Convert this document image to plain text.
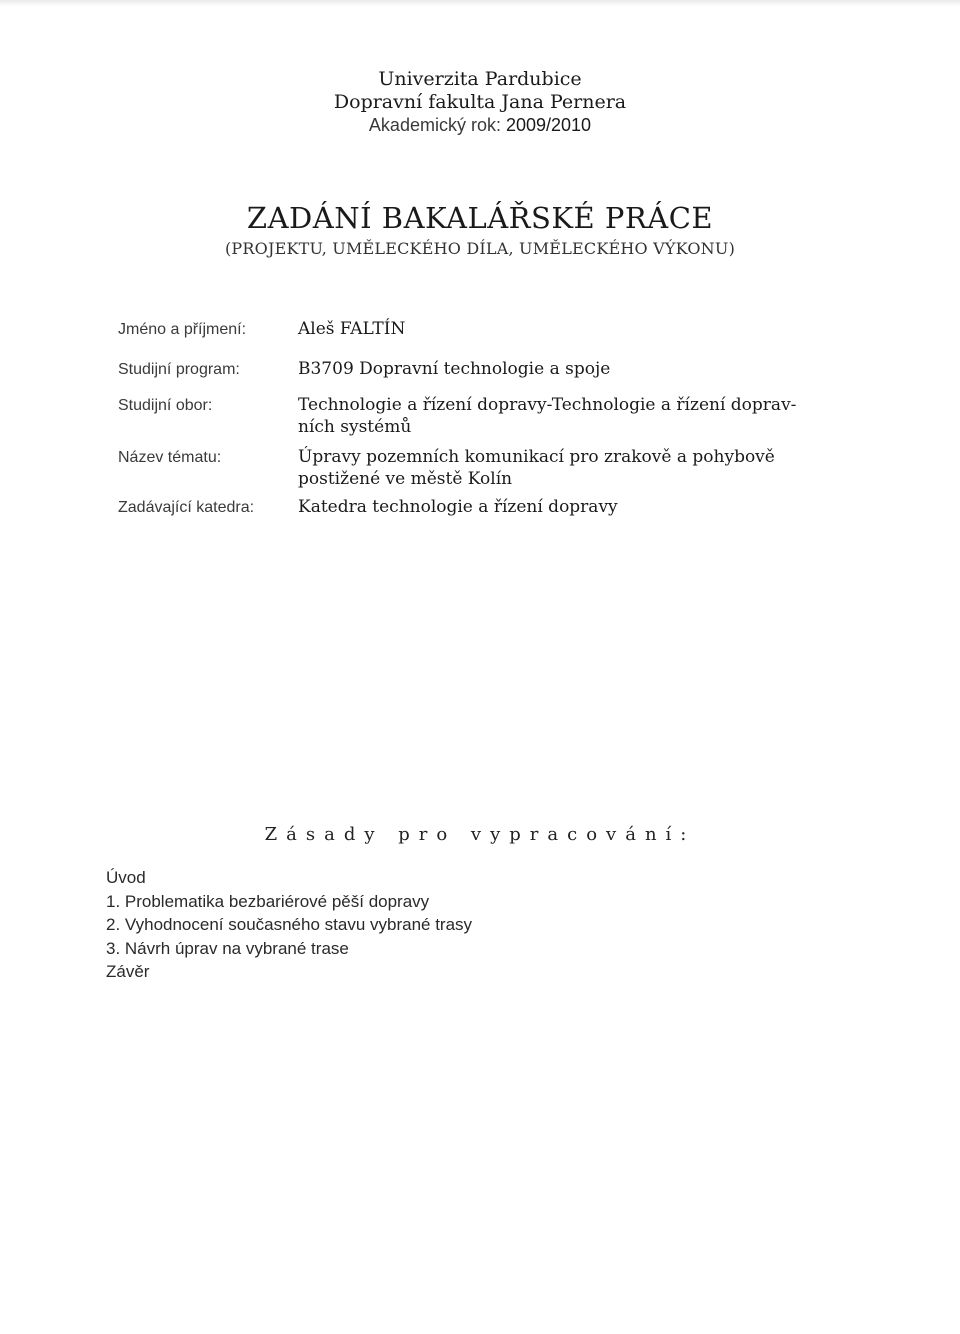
Univerzita Pardubice
Dopravní fakulta Jana Pernera
Akademický rok: 2009/2010
ZADÁNÍ BAKALÁŘSKÉ PRÁCE
(PROJEKTU, UMĚLECKÉHO DÍLA, UMĚLECKÉHO VÝKONU)
Jméno a příjmení:	Aleš FALTÍN
Studijní program:	B3709 Dopravní technologie a spoje
Studijní obor:	Technologie a řízení dopravy-Technologie a řízení doprav-
ních systémů
Název tématu:	Úpravy pozemních komunikací pro zrakově a pohybově
postižené ve městě Kolín
Zadávající katedra:	Katedra technologie a řízení dopravy
Zásady pro vypracování:
Úvod
1. Problematika bezbariérové pěší dopravy
2. Vyhodnocení současného stavu vybrané trasy
3. Návrh úprav na vybrané trase
Závěr
